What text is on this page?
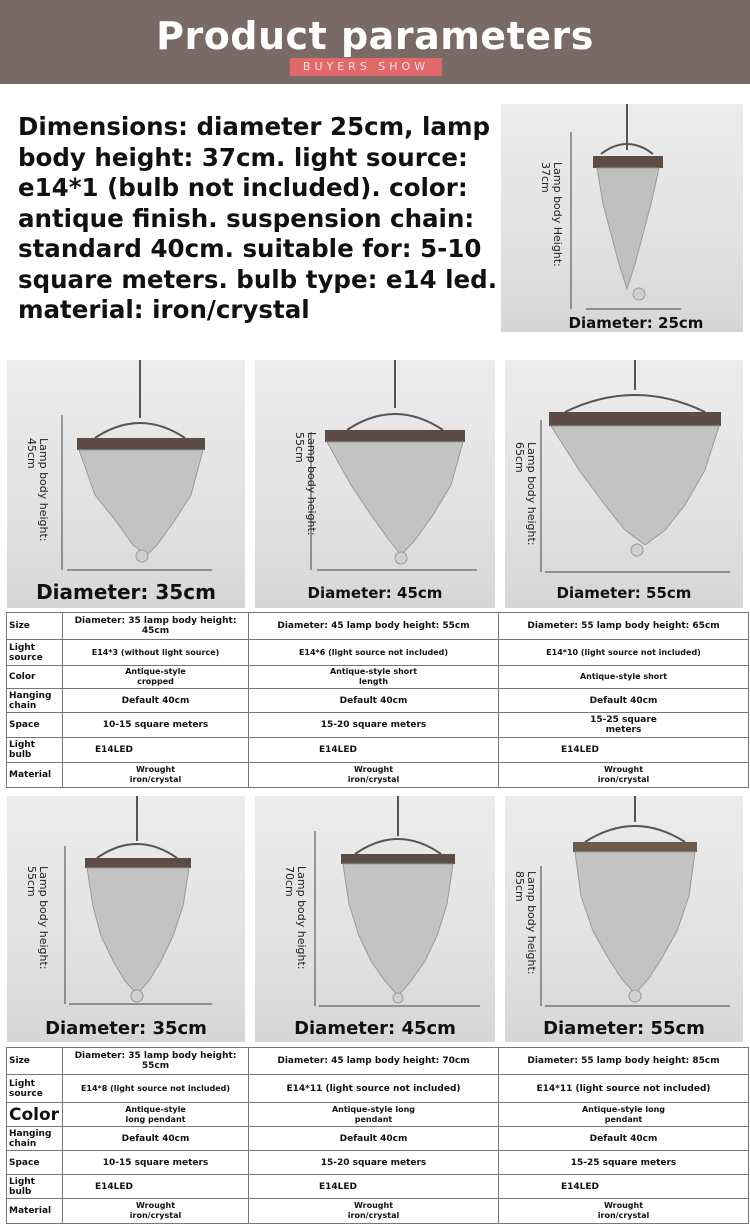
Product parameters
BUYERS SHOW
Dimensions: diameter 25cm, lamp body height: 37cm. light source: e14*1 (bulb not included). color: antique finish. suspension chain: standard 40cm. suitable for: 5-10 square meters. bulb type: e14 led. material: iron/crystal
Lamp body Height: 37cm
Diameter: 25cm
Lamp body height: 45cm
Diameter: 35cm
Lamp body height: 55cm
Diameter: 45cm
Lamp body height: 65cm
Diameter: 55cm
Size	Diameter: 35 lamp body height: 45cm	Diameter: 45 lamp body height: 55cm	Diameter: 55 lamp body height: 65cm
Light source	E14*3 (without light source)	E14*6 (light source not included)	E14*10 (light source not included)
Color	Antique-style cropped	Antique-style short length	Antique-style short
Hanging chain	Default 40cm	Default 40cm	Default 40cm
Space	10-15 square meters	15-20 square meters	15-25 square meters
Light bulb	E14LED	E14LED	E14LED
Material	Wrought iron/crystal	Wrought iron/crystal	Wrought iron/crystal
Lamp body height: 55cm
Diameter: 35cm
Lamp body height: 70cm
Diameter: 45cm
Lamp body height: 85cm
Diameter: 55cm
Size	Diameter: 35 lamp body height: 55cm	Diameter: 45 lamp body height: 70cm	Diameter: 55 lamp body height: 85cm
Light source	E14*8 (light source not included)	E14*11 (light source not included)	E14*11 (light source not included)
Color	Antique-style long pendant	Antique-style long pendant	Antique-style long pendant
Hanging chain	Default 40cm	Default 40cm	Default 40cm
Space	10-15 square meters	15-20 square meters	15-25 square meters
Light bulb	E14LED	E14LED	E14LED
Material	Wrought iron/crystal	Wrought iron/crystal	Wrought iron/crystal
